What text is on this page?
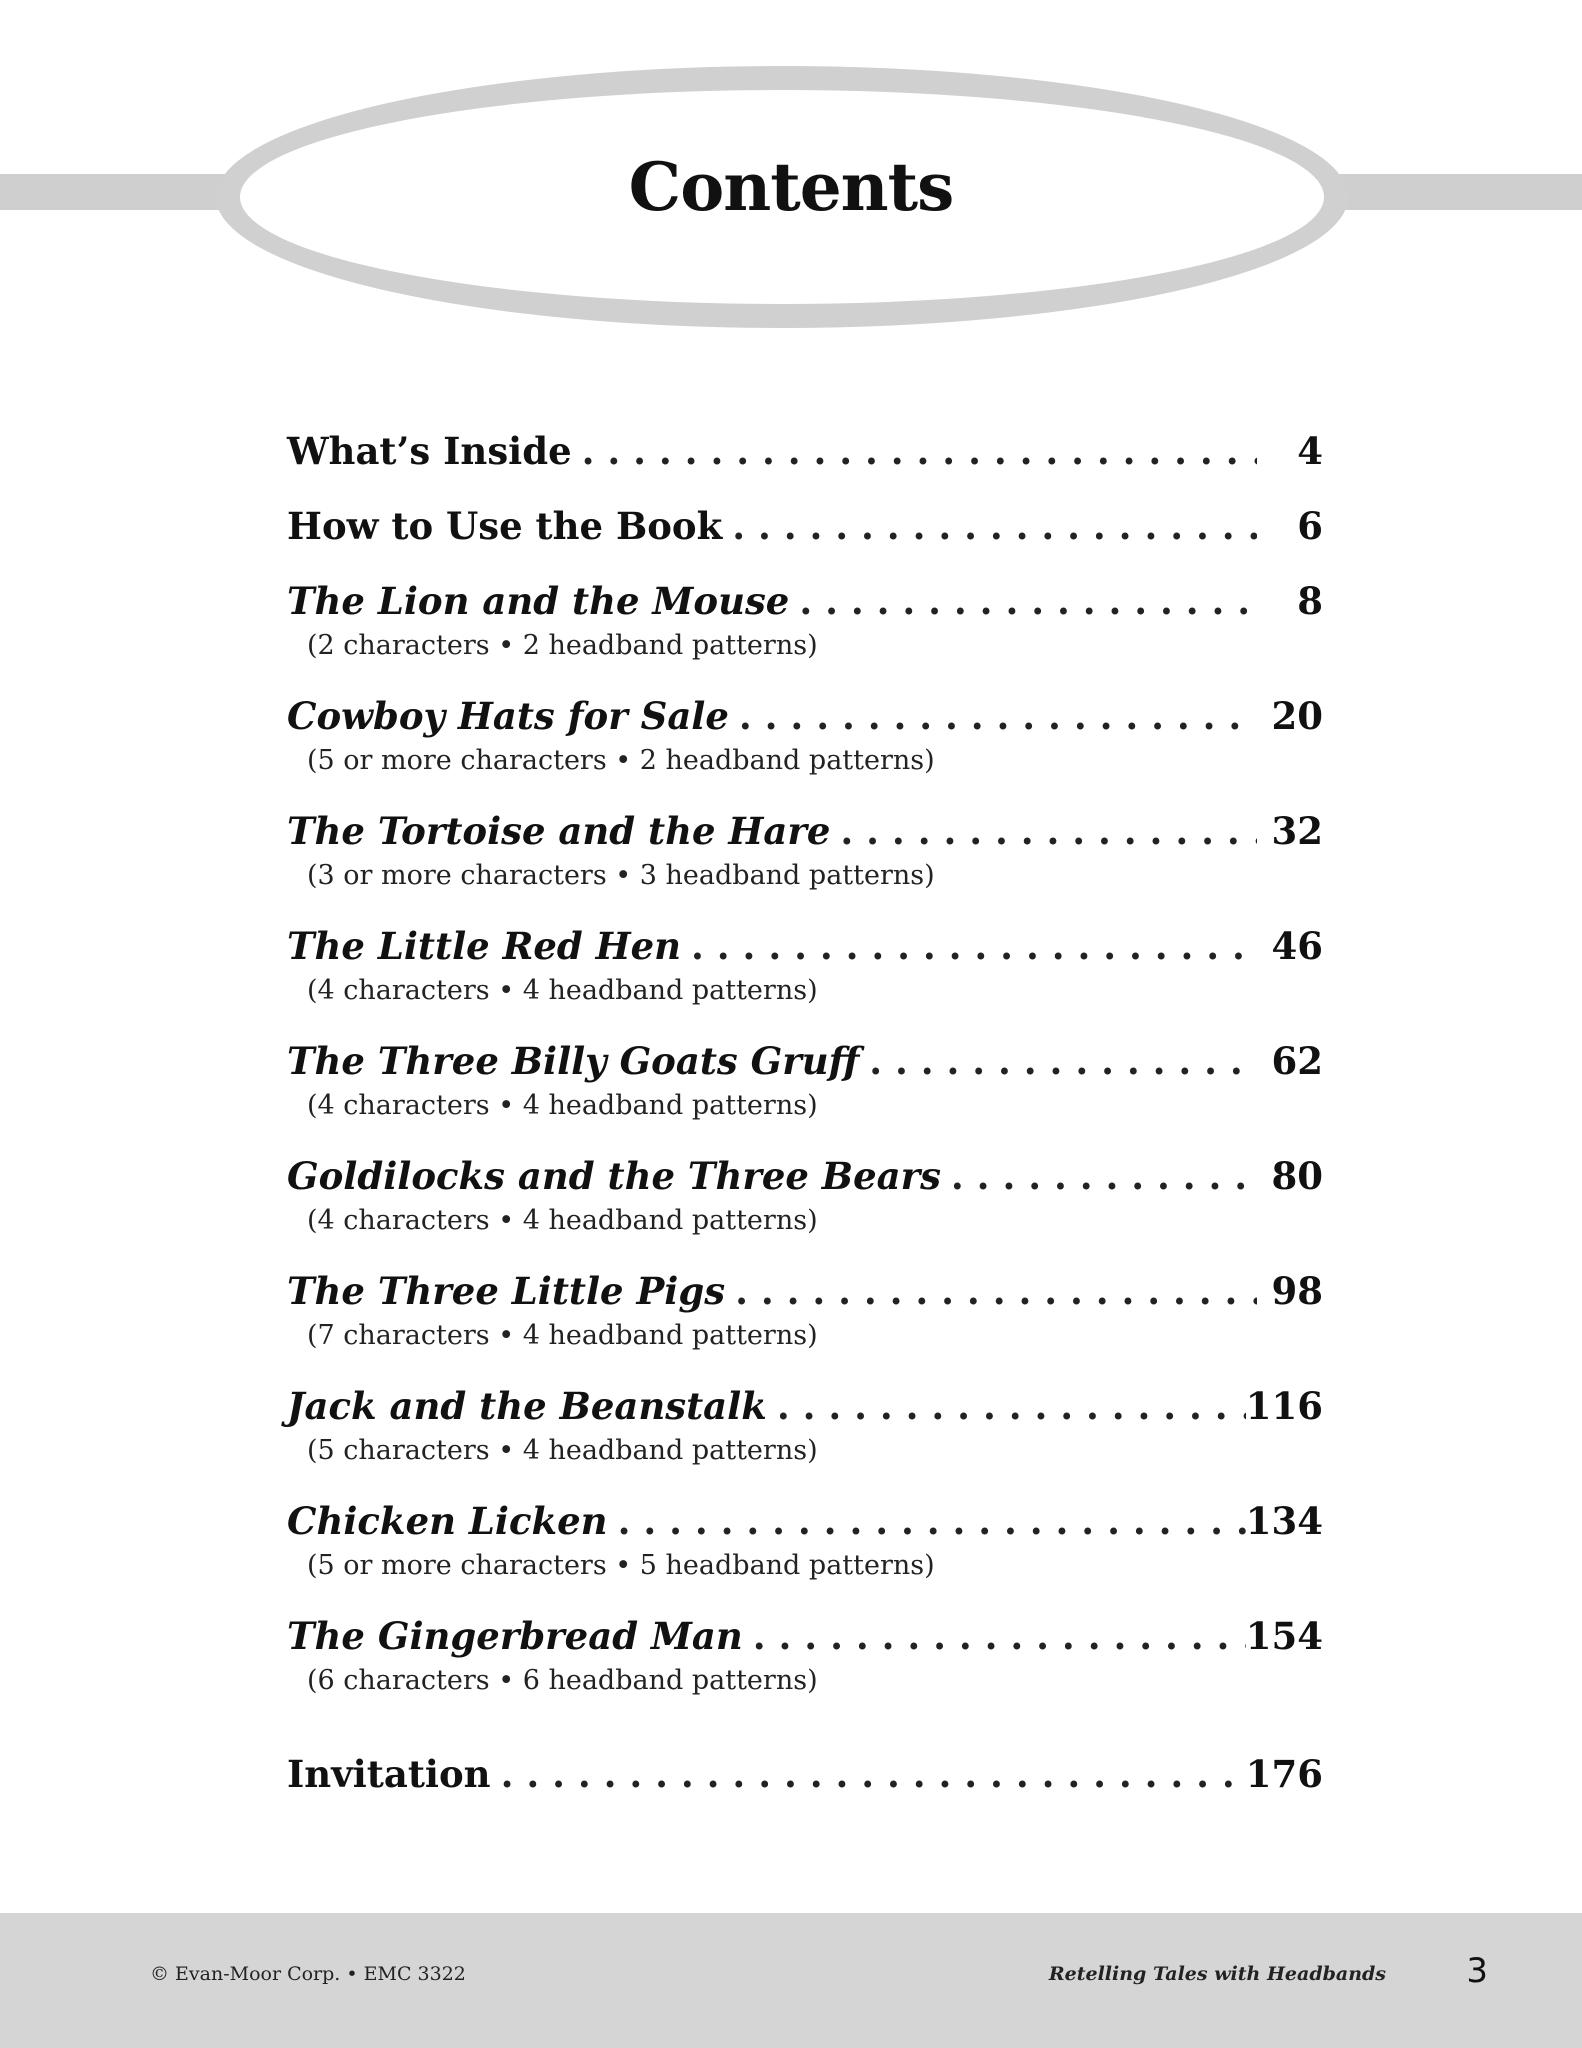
Contents
What’s Inside . . .	4
How to Use the Book . . .	6
The Lion and the Mouse . . .	8
(2 characters • 2 headband patterns)
Cowboy Hats for Sale . . .	20
(5 or more characters • 2 headband patterns)
The Tortoise and the Hare . . .	32
(3 or more characters • 3 headband patterns)
The Little Red Hen . . .	46
(4 characters • 4 headband patterns)
The Three Billy Goats Gruff . . .	62
(4 characters • 4 headband patterns)
Goldilocks and the Three Bears . . .	80
(4 characters • 4 headband patterns)
The Three Little Pigs . . .	98
(7 characters • 4 headband patterns)
Jack and the Beanstalk . . .	116
(5 characters • 4 headband patterns)
Chicken Licken . . .	134
(5 or more characters • 5 headband patterns)
The Gingerbread Man . . .	154
(6 characters • 6 headband patterns)
Invitation . . .	176
© Evan-Moor Corp. • EMC 3322	Retelling Tales with Headbands 3
